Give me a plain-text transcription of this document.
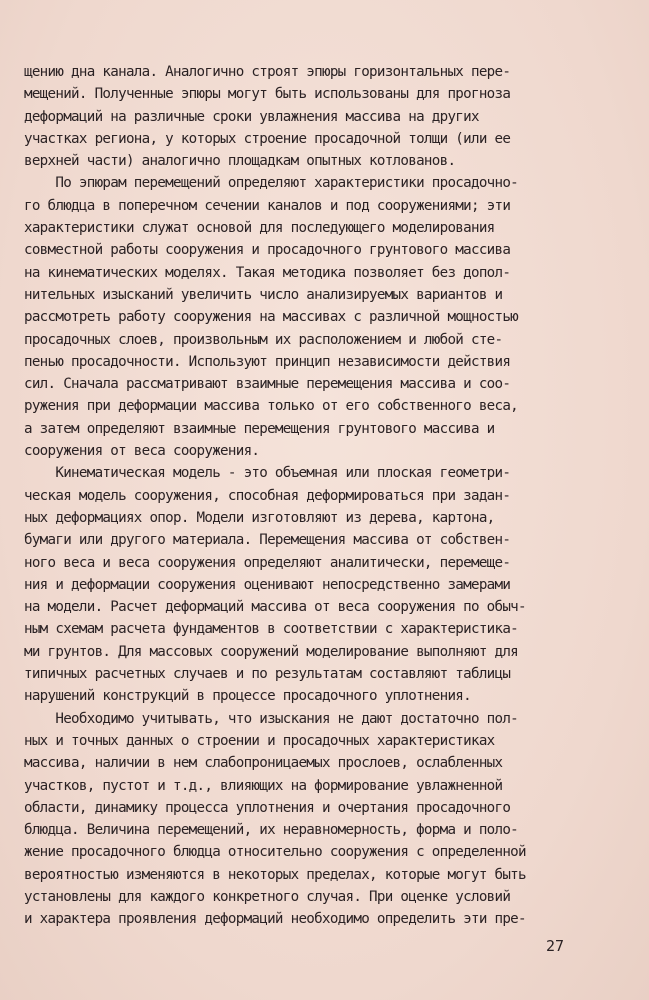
щению дна канала. Аналогично строят эпюры горизонтальных пере-
мещений. Полученные эпюры могут быть использованы для прогноза
деформаций на различные сроки увлажнения массива на других
участках региона, у которых строение просадочной толщи (или ее
верхней части) аналогично площадкам опытных котлованов.
По эпюрам перемещений определяют характеристики просадочно-
го блюдца в поперечном сечении каналов и под сооружениями; эти
характеристики служат основой для последующего моделирования
совместной работы сооружения и просадочного грунтового массива
на кинематических моделях. Такая методика позволяет без допол-
нительных изысканий увеличить число анализируемых вариантов и
рассмотреть работу сооружения на массивах с различной мощностью
просадочных слоев, произвольным их расположением и любой сте-
пенью просадочности. Используют принцип независимости действия
сил. Сначала рассматривают взаимные перемещения массива и соо-
ружения при деформации массива только от его собственного веса,
а затем определяют взаимные перемещения грунтового массива и
сооружения от веса сооружения.
Кинематическая модель - это объемная или плоская геометри-
ческая модель сооружения, способная деформироваться при задан-
ных деформациях опор. Модели изготовляют из дерева, картона,
бумаги или другого материала. Перемещения массива от собствен-
ного веса и веса сооружения определяют аналитически, перемеще-
ния и деформации сооружения оценивают непосредственно замерами
на модели. Расчет деформаций массива от веса сооружения по обыч-
ным схемам расчета фундаментов в соответствии с характеристика-
ми грунтов. Для массовых сооружений моделирование выполняют для
типичных расчетных случаев и по результатам составляют таблицы
нарушений конструкций в процессе просадочного уплотнения.
Необходимо учитывать, что изыскания не дают достаточно пол-
ных и точных данных о строении и просадочных характеристиках
массива, наличии в нем слабопроницаемых прослоев, ослабленных
участков, пустот и т.д., влияющих на формирование увлажненной
области, динамику процесса уплотнения и очертания просадочного
блюдца. Величина перемещений, их неравномерность, форма и поло-
жение просадочного блюдца относительно сооружения с определенной
вероятностью изменяются в некоторых пределах, которые могут быть
установлены для каждого конкретного случая. При оценке условий
и характера проявления деформаций необходимо определить эти пре-
27
